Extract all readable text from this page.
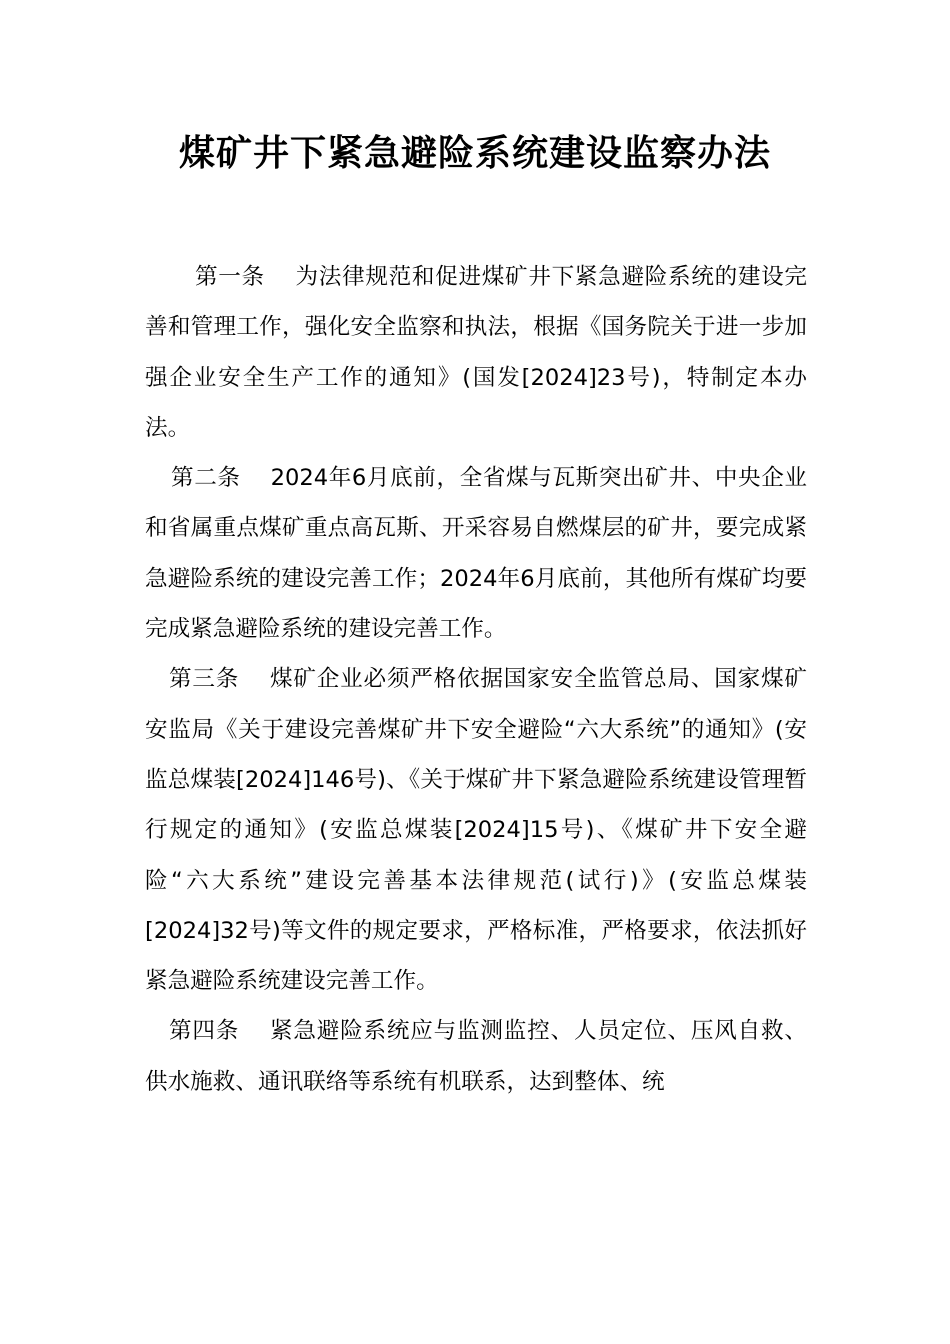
煤矿井下紧急避险系统建设监察办法

第一条 为法律规范和促进煤矿井下紧急避险系统的建设完善和管理工作，强化安全监察和执法，根据《国务院关于进一步加强企业安全生产工作的通知》(国发[2024]23号)，特制定本办法。

第二条 2024年6月底前，全省煤与瓦斯突出矿井、中央企业和省属重点煤矿重点高瓦斯、开采容易自燃煤层的矿井，要完成紧急避险系统的建设完善工作；2024年6月底前，其他所有煤矿均要完成紧急避险系统的建设完善工作。

第三条 煤矿企业必须严格依据国家安全监管总局、国家煤矿安监局《关于建设完善煤矿井下安全避险“六大系统”的通知》(安监总煤装[2024]146号)、《关于煤矿井下紧急避险系统建设管理暂行规定的通知》(安监总煤装[2024]15号)、《煤矿井下安全避险“六大系统”建设完善基本法律规范(试行)》(安监总煤装[2024]32号)等文件的规定要求，严格标准，严格要求，依法抓好紧急避险系统建设完善工作。

第四条 紧急避险系统应与监测监控、人员定位、压风自救、供水施救、通讯联络等系统有机联系，达到整体、统
